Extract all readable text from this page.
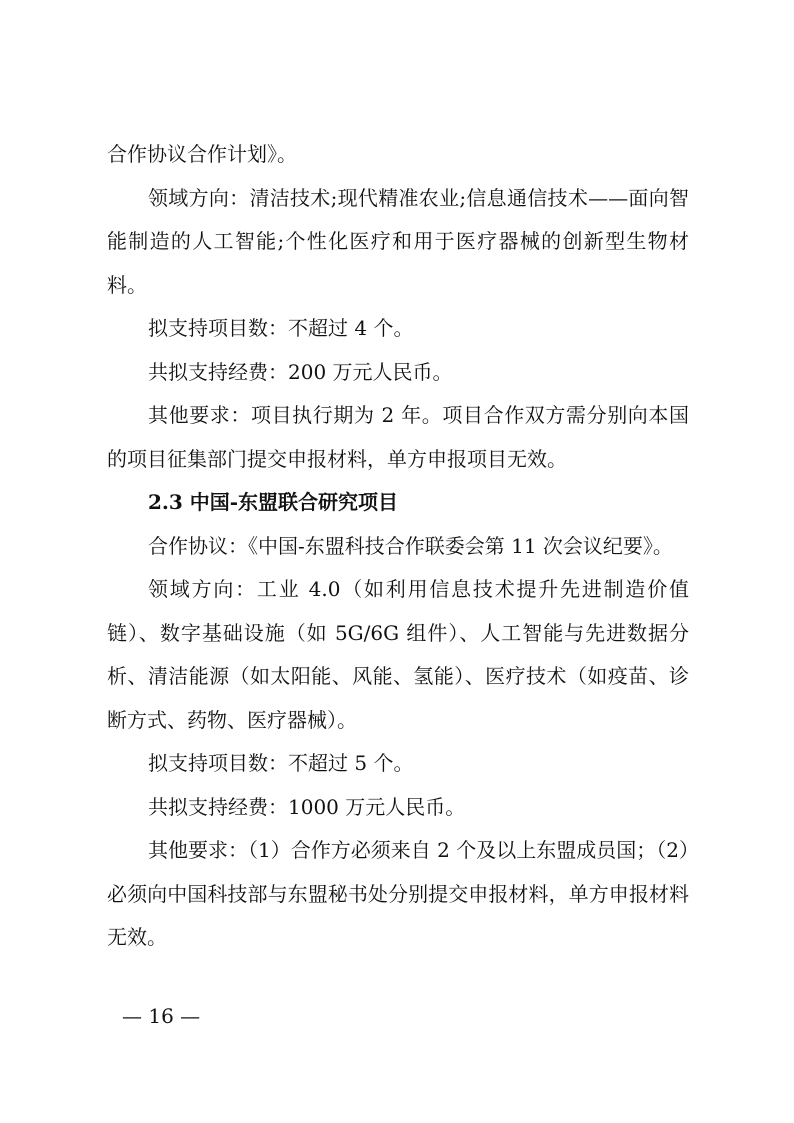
合作协议合作计划》。

领域方向：清洁技术;现代精准农业;信息通信技术——面向智能制造的人工智能;个性化医疗和用于医疗器械的创新型生物材料。

拟支持项目数：不超过 4 个。

共拟支持经费：200 万元人民币。

其他要求：项目执行期为 2 年。项目合作双方需分别向本国的项目征集部门提交申报材料，单方申报项目无效。

2.3 中国-东盟联合研究项目

合作协议：《中国-东盟科技合作联委会第 11 次会议纪要》。

领域方向：工业 4.0（如利用信息技术提升先进制造价值链）、数字基础设施（如 5G/6G 组件）、人工智能与先进数据分析、清洁能源（如太阳能、风能、氢能）、医疗技术（如疫苗、诊断方式、药物、医疗器械）。

拟支持项目数：不超过 5 个。

共拟支持经费：1000 万元人民币。

其他要求：（1）合作方必须来自 2 个及以上东盟成员国；（2）必须向中国科技部与东盟秘书处分别提交申报材料，单方申报材料无效。

— 16 —
